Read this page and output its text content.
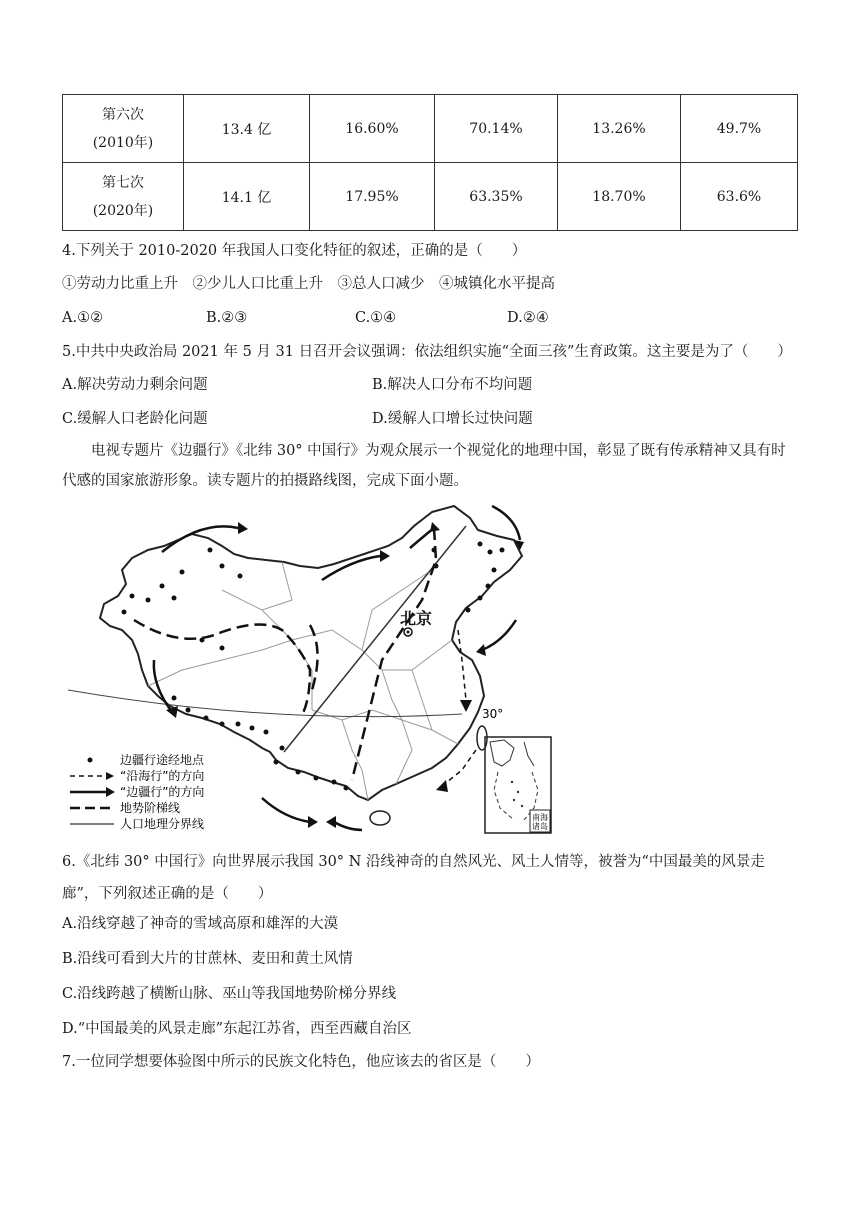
第六次
(2010年)	13.4 亿	16.60%	70.14%	13.26%	49.7%

第七次
(2020年)	14.1 亿	17.95%	63.35%	18.70%	63.6%
4.下列关于 2010-2020 年我国人口变化特征的叙述，正确的是（　　）
①劳动力比重上升　②少儿人口比重上升　③总人口减少　④城镇化水平提高
A.①②	B.②③	C.①④	D.②④
5.中共中央政治局 2021 年 5 月 31 日召开会议强调：依法组织实施“全面三孩”生育政策。这主要是为了（　　）
A.解决劳动力剩余问题	B.解决人口分布不均问题
C.缓解人口老龄化问题	D.缓解人口增长过快问题
电视专题片《边疆行》《北纬 30° 中国行》为观众展示一个视觉化的地理中国，彰显了既有传承精神又具有时代感的国家旅游形象。读专题片的拍摄路线图，完成下面小题。
30°
北京
边疆行途经地点
“沿海行”的方向
“边疆行”的方向
地势阶梯线
人口地理分界线	南海
诸岛
6.《北纬 30° 中国行》向世界展示我国 30° N 沿线神奇的自然风光、风土人情等，被誉为“中国最美的风景走廊”，下列叙述正确的是（　　）
A.沿线穿越了神奇的雪域高原和雄浑的大漠
B.沿线可看到大片的甘蔗林、麦田和黄土风情
C.沿线跨越了横断山脉、巫山等我国地势阶梯分界线
D.“中国最美的风景走廊”东起江苏省，西至西藏自治区
7.一位同学想要体验图中所示的民族文化特色，他应该去的省区是（　　）
